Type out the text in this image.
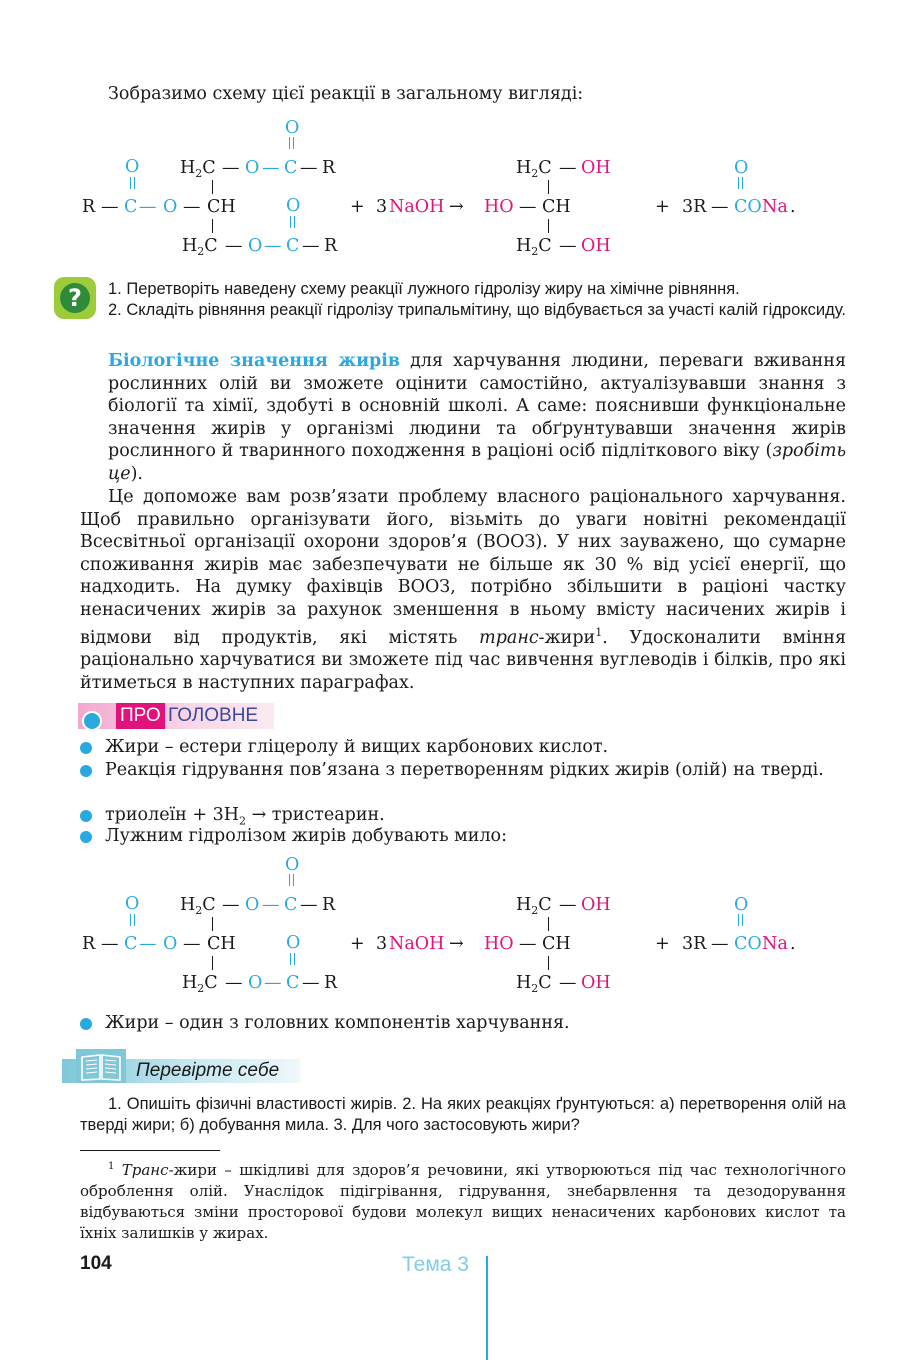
Зобразимо схему цієї реакції в загальному вигляді:
O
R — C — O — CH
O
$H_2C$ — O — C — R
O
$H_2C$ — O — C — R
+ 3 NaOH →
$H_2C$ — OH
HO — CH
$H_2C$ — OH
+ 3R —
O
CO Na .
?	1. Перетворіть наведену схему реакції лужного гідролізу жиру на хімічне рівняння.
2. Складіть рівняння реакції гідролізу трипальмітину, що відбувається за участі калій гідроксиду.
Біологічне значення жирів для харчування людини, переваги вживання рослинних олій ви зможете оцінити самостійно, актуалізувавши знання з біології та хімії, здобуті в основній школі. А саме: пояснивши функціональне значення жирів у організмі людини та обґрунтувавши значення жирів рослинного й тваринного походження в раціоні осіб підліткового віку (зробіть це).
Це допоможе вам розв’язати проблему власного раціонального харчування. Щоб правильно організувати його, візьміть до уваги новітні рекомендації Всесвітньої організації охорони здоров’я (ВООЗ). У них зауважено, що сумарне споживання жирів має забезпечувати не більше як 30 % від усієї енергії, що надходить. На думку фахівців ВООЗ, потрібно збільшити в раціоні частку ненасичених жирів за рахунок зменшення в ньому вмісту насичених жирів і відмови від продуктів, які містять транс-жири$^1$. Удосконалити вміння раціонально харчуватися ви зможете під час вивчення вуглеводів і білків, про які йтиметься в наступних параграфах.
ПРО ГОЛОВНЕ
Жири – естери гліцеролу й вищих карбонових кислот.
Реакція гідрування пов’язана з перетворенням рідких жирів (олій) на тверді.
триолеїн + $3H_2$ → тристеарин.
Лужним гідролізом жирів добувають мило:
O
R — C — O — CH
O
$H_2C$ — O — C — R
O
$H_2C$ — O — C — R
+ 3 NaOH →
$H_2C$ — OH
HO — CH
$H_2C$ — OH
+ 3R —
O
CO Na .
Жири – один з головних компонентів харчування.
Перевірте себе
1. Опишіть фізичні властивості жирів. 2. На яких реакціях ґрунтуються: а) перетворення олій на тверді жири; б) добування мила. 3. Для чого застосовують жири?
$^1$ Транс-жири – шкідливі для здоров’я речовини, які утворюються під час технологічного оброблення олій. Унаслідок підігрівання, гідрування, знебарвлення та дезодорування відбуваються зміни просторової будови молекул вищих ненасичених карбонових кислот та їхніх залишків у жирах.
104	Тема 3
